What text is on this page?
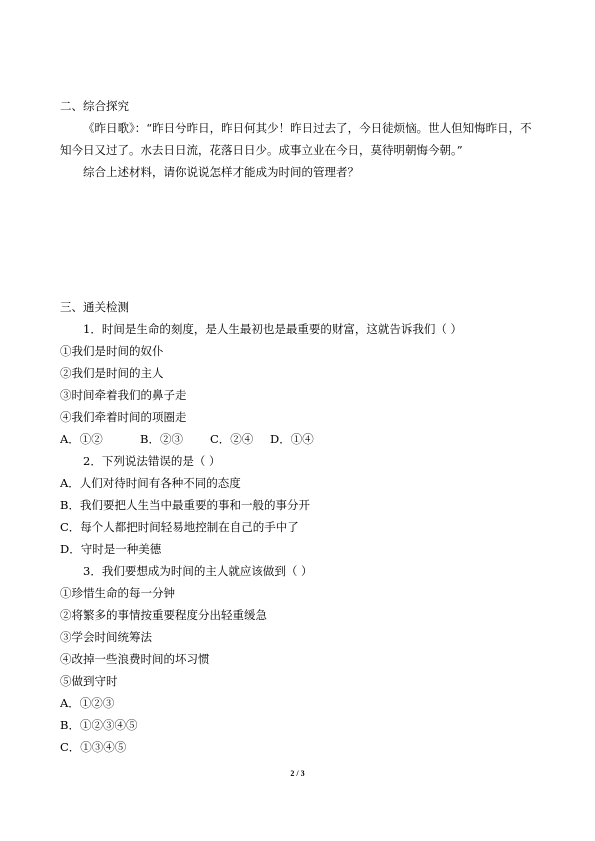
二、综合探究
《昨日歌》：“昨日兮昨日，昨日何其少！昨日过去了，今日徒烦恼。世人但知悔昨日，不知今日又过了。水去日日流，花落日日少。成事立业在今日，莫待明朝悔今朝。”
综合上述材料，请你说说怎样才能成为时间的管理者？
三、通关检测
1．时间是生命的刻度，是人生最初也是最重要的财富，这就告诉我们（ ）
①我们是时间的奴仆
②我们是时间的主人
③时间牵着我们的鼻子走
④我们牵着时间的项圈走
A．①②	B．②③	C．②④	D．①④
2．下列说法错误的是（ ）
A．人们对待时间有各种不同的态度
B．我们要把人生当中最重要的事和一般的事分开
C．每个人都把时间轻易地控制在自己的手中了
D．守时是一种美德
3．我们要想成为时间的主人就应该做到（ ）
①珍惜生命的每一分钟
②将繁多的事情按重要程度分出轻重缓急
③学会时间统筹法
④改掉一些浪费时间的坏习惯
⑤做到守时
A．①②③
B．①②③④⑤
C．①③④⑤
2 / 3
